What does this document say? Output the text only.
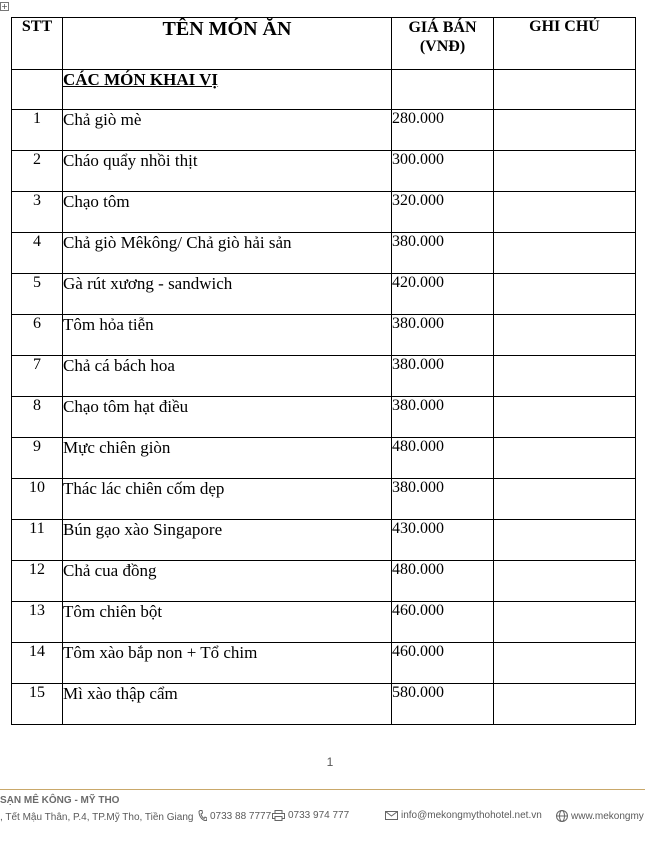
+
STT	TÊN MÓN ĂN	GIÁ BÁN
(VNĐ)	GHI CHÚ
	CÁC MÓN KHAI VỊ		
1	Chả giò mè	280.000	
2	Cháo quẩy nhồi thịt	300.000	
3	Chạo tôm	320.000	
4	Chả giò Mêkông/ Chả giò hải sản	380.000	
5	Gà rút xương - sandwich	420.000	
6	Tôm hỏa tiễn	380.000	
7	Chả cá bách hoa	380.000	
8	Chạo tôm hạt điều	380.000	
9	Mực chiên giòn	480.000	
10	Thác lác chiên cốm dẹp	380.000	
11	Bún gạo xào Singapore	430.000	
12	Chả cua đồng	480.000	
13	Tôm chiên bột	460.000	
14	Tôm xào bắp non + Tổ chim	460.000	
15	Mì xào thập cẩm	580.000	
1
SẠN MÊ KÔNG - MỸ THO
, Tết Mậu Thân, P.4, TP.Mỹ Tho, Tiền Giang 0733 88 7777 0733 974 777	info@mekongmythohotel.net.vn	www.mekongmy
